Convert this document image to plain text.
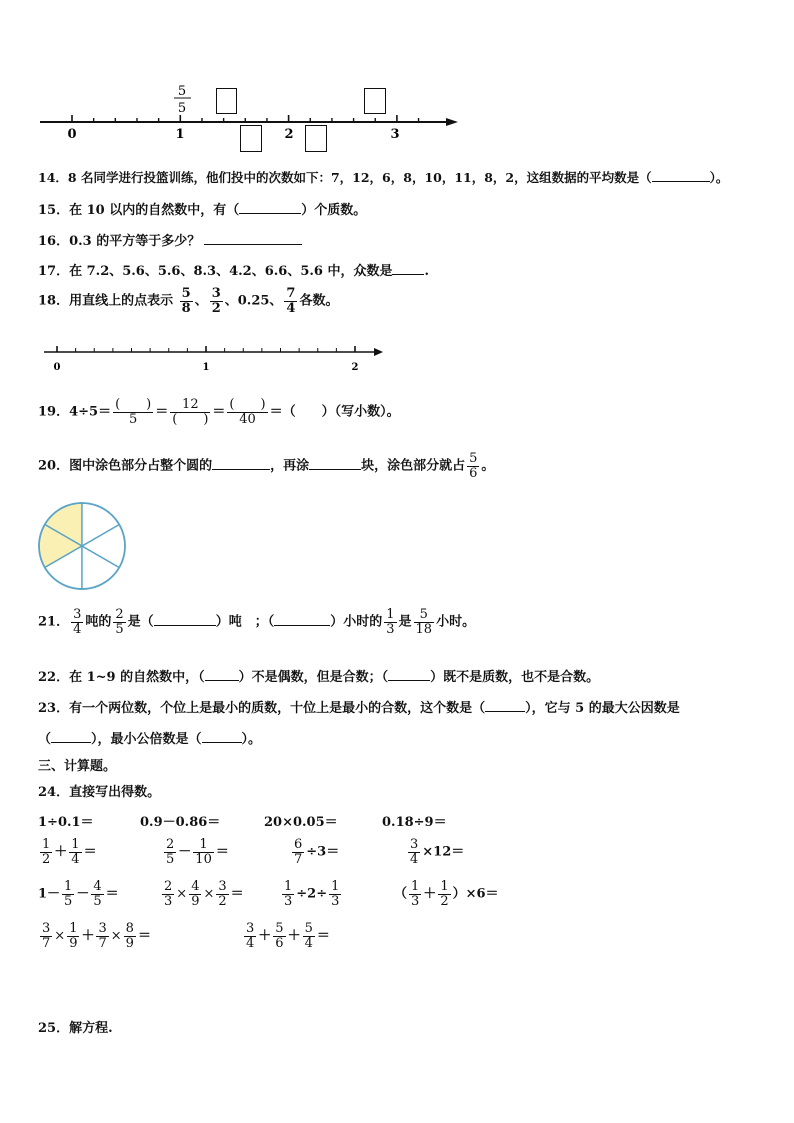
0	1	2	3
5
5
14．8 名同学进行投篮训练，他们投中的次数如下：7，12，6，8，10，11，8，2，这组数据的平均数是（	）。
15．在 10 以内的自然数中，有（	）个质数。
16．0.3 的平方等于多少？
17．在 7.2、5.6、5.6、8.3、4.2、6.6、5.6 中，众数是 .
18．用直线上的点表示 $\frac{5}{8}$ 、 $\frac{3}{2}$ 、0.25、 $\frac{7}{4}$ 各数。
0	1	2
19．$4\div 5= \frac{( )}{5} = \frac{12}{( )} = \frac{( )}{40}$ ＝（　　）（写小数）。
20．图中涂色部分占整个圆的	，再涂	块，涂色部分就占 $\frac{5}{6}$ 。
21． $\frac{3}{4}$ 吨的 $\frac{2}{5}$ 是（	）吨　；（	）小时的 $\frac{1}{3}$ 是 $\frac{5}{18}$ 小时。
22．在 1~9 的自然数中，（	）不是偶数，但是合数；（	）既不是质数，也不是合数。
23．有一个两位数，个位上是最小的质数，十位上是最小的合数，这个数是（	），它与 5 的最大公因数是
（	），最小公倍数是（	）。
三、计算题。
24．直接写出得数。
1÷0.1＝	0.9－0.86＝	20×0.05＝	0.18÷9＝
$\frac{1}{2} + \frac{1}{4}$ ＝	$\frac{2}{5} - \frac{1}{10}$ ＝	$\frac{6}{7} \div 3=$	$\frac{3}{4} \times 12=$
$1- \frac{1}{5} - \frac{4}{5}$ ＝	$\frac{2}{3} \times \frac{4}{9} \times \frac{3}{2}$ ＝	$\frac{1}{3} \div 2\div \frac{1}{3}$	（ $\frac{1}{3} + \frac{1}{2} )\times 6=$
$\frac{3}{7} \times \frac{1}{9} + \frac{3}{7} \times \frac{8}{9}$ ＝	$\frac{3}{4} + \frac{5}{6} + \frac{5}{4}$ ＝
25．解方程.
